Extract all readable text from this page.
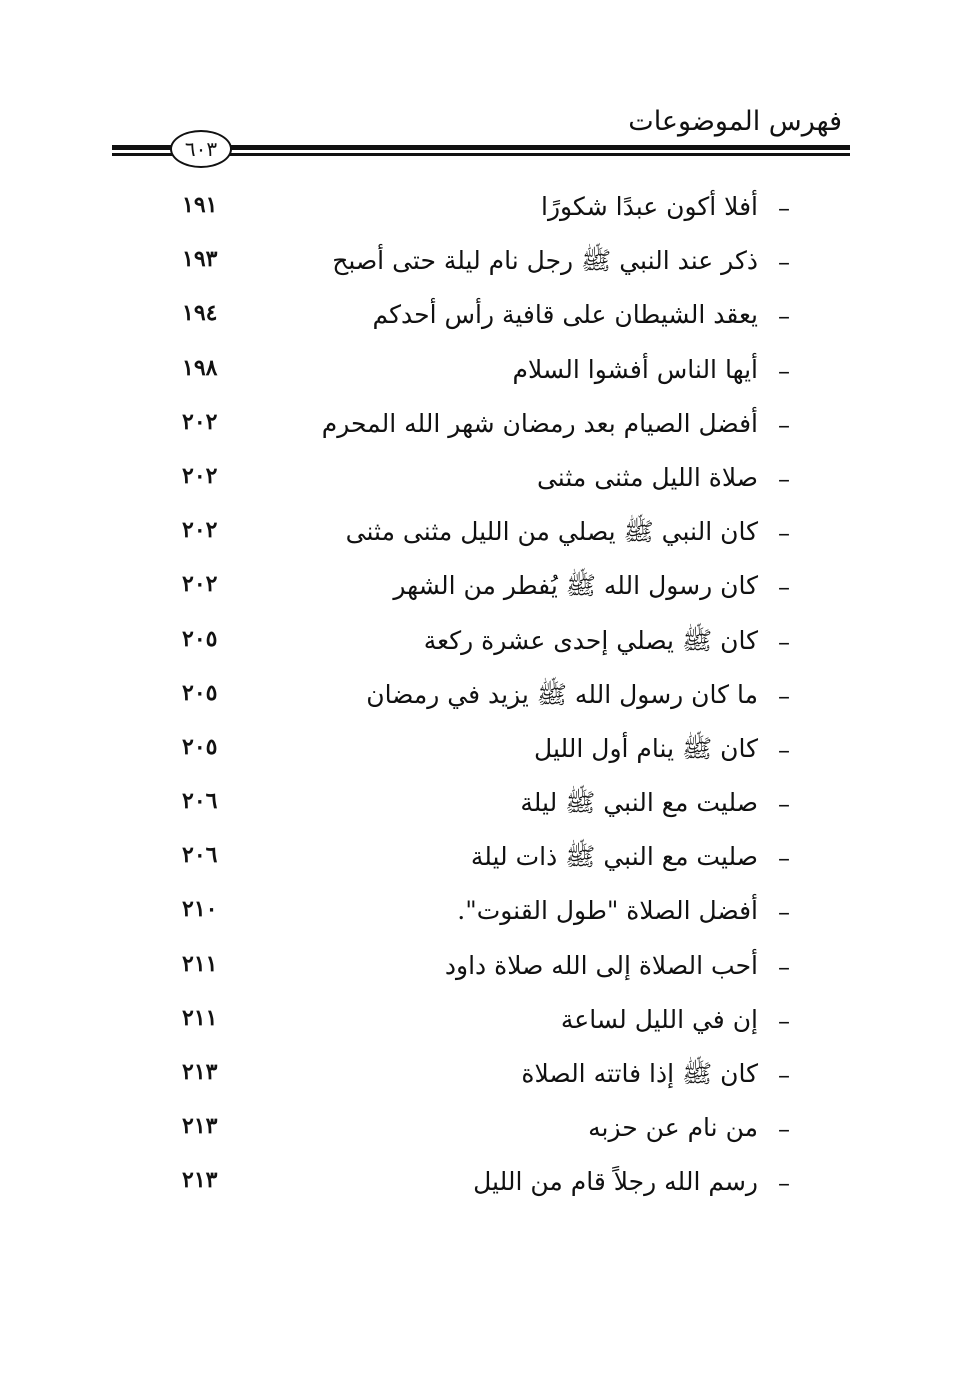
فهرس الموضوعات
٦٠٣
–
أفلا أكون عبدًا شكورًا
١٩١
–
ذكر عند النبي ﷺ رجل نام ليلة حتى أصبح
١٩٣
–
يعقد الشيطان على قافية رأس أحدكم
١٩٤
–
أيها الناس أفشوا السلام
١٩٨
–
أفضل الصيام بعد رمضان شهر الله المحرم
٢٠٢
–
صلاة الليل مثنى مثنى
٢٠٢
–
كان النبي ﷺ يصلي من الليل مثنى مثنى
٢٠٢
–
كان رسول الله ﷺ يُفطر من الشهر
٢٠٢
–
كان ﷺ يصلي إحدى عشرة ركعة
٢٠٥
–
ما كان رسول الله ﷺ يزيد في رمضان
٢٠٥
–
كان ﷺ ينام أول الليل
٢٠٥
–
صليت مع النبي ﷺ ليلة
٢٠٦
–
صليت مع النبي ﷺ ذات ليلة
٢٠٦
–
أفضل الصلاة "طول القنوت".
٢١٠
–
أحب الصلاة إلى الله صلاة داود
٢١١
–
إن في الليل لساعة
٢١١
–
كان ﷺ إذا فاتته الصلاة
٢١٣
–
من نام عن حزبه
٢١٣
–
رسم الله رجلاً قام من الليل
٢١٣
